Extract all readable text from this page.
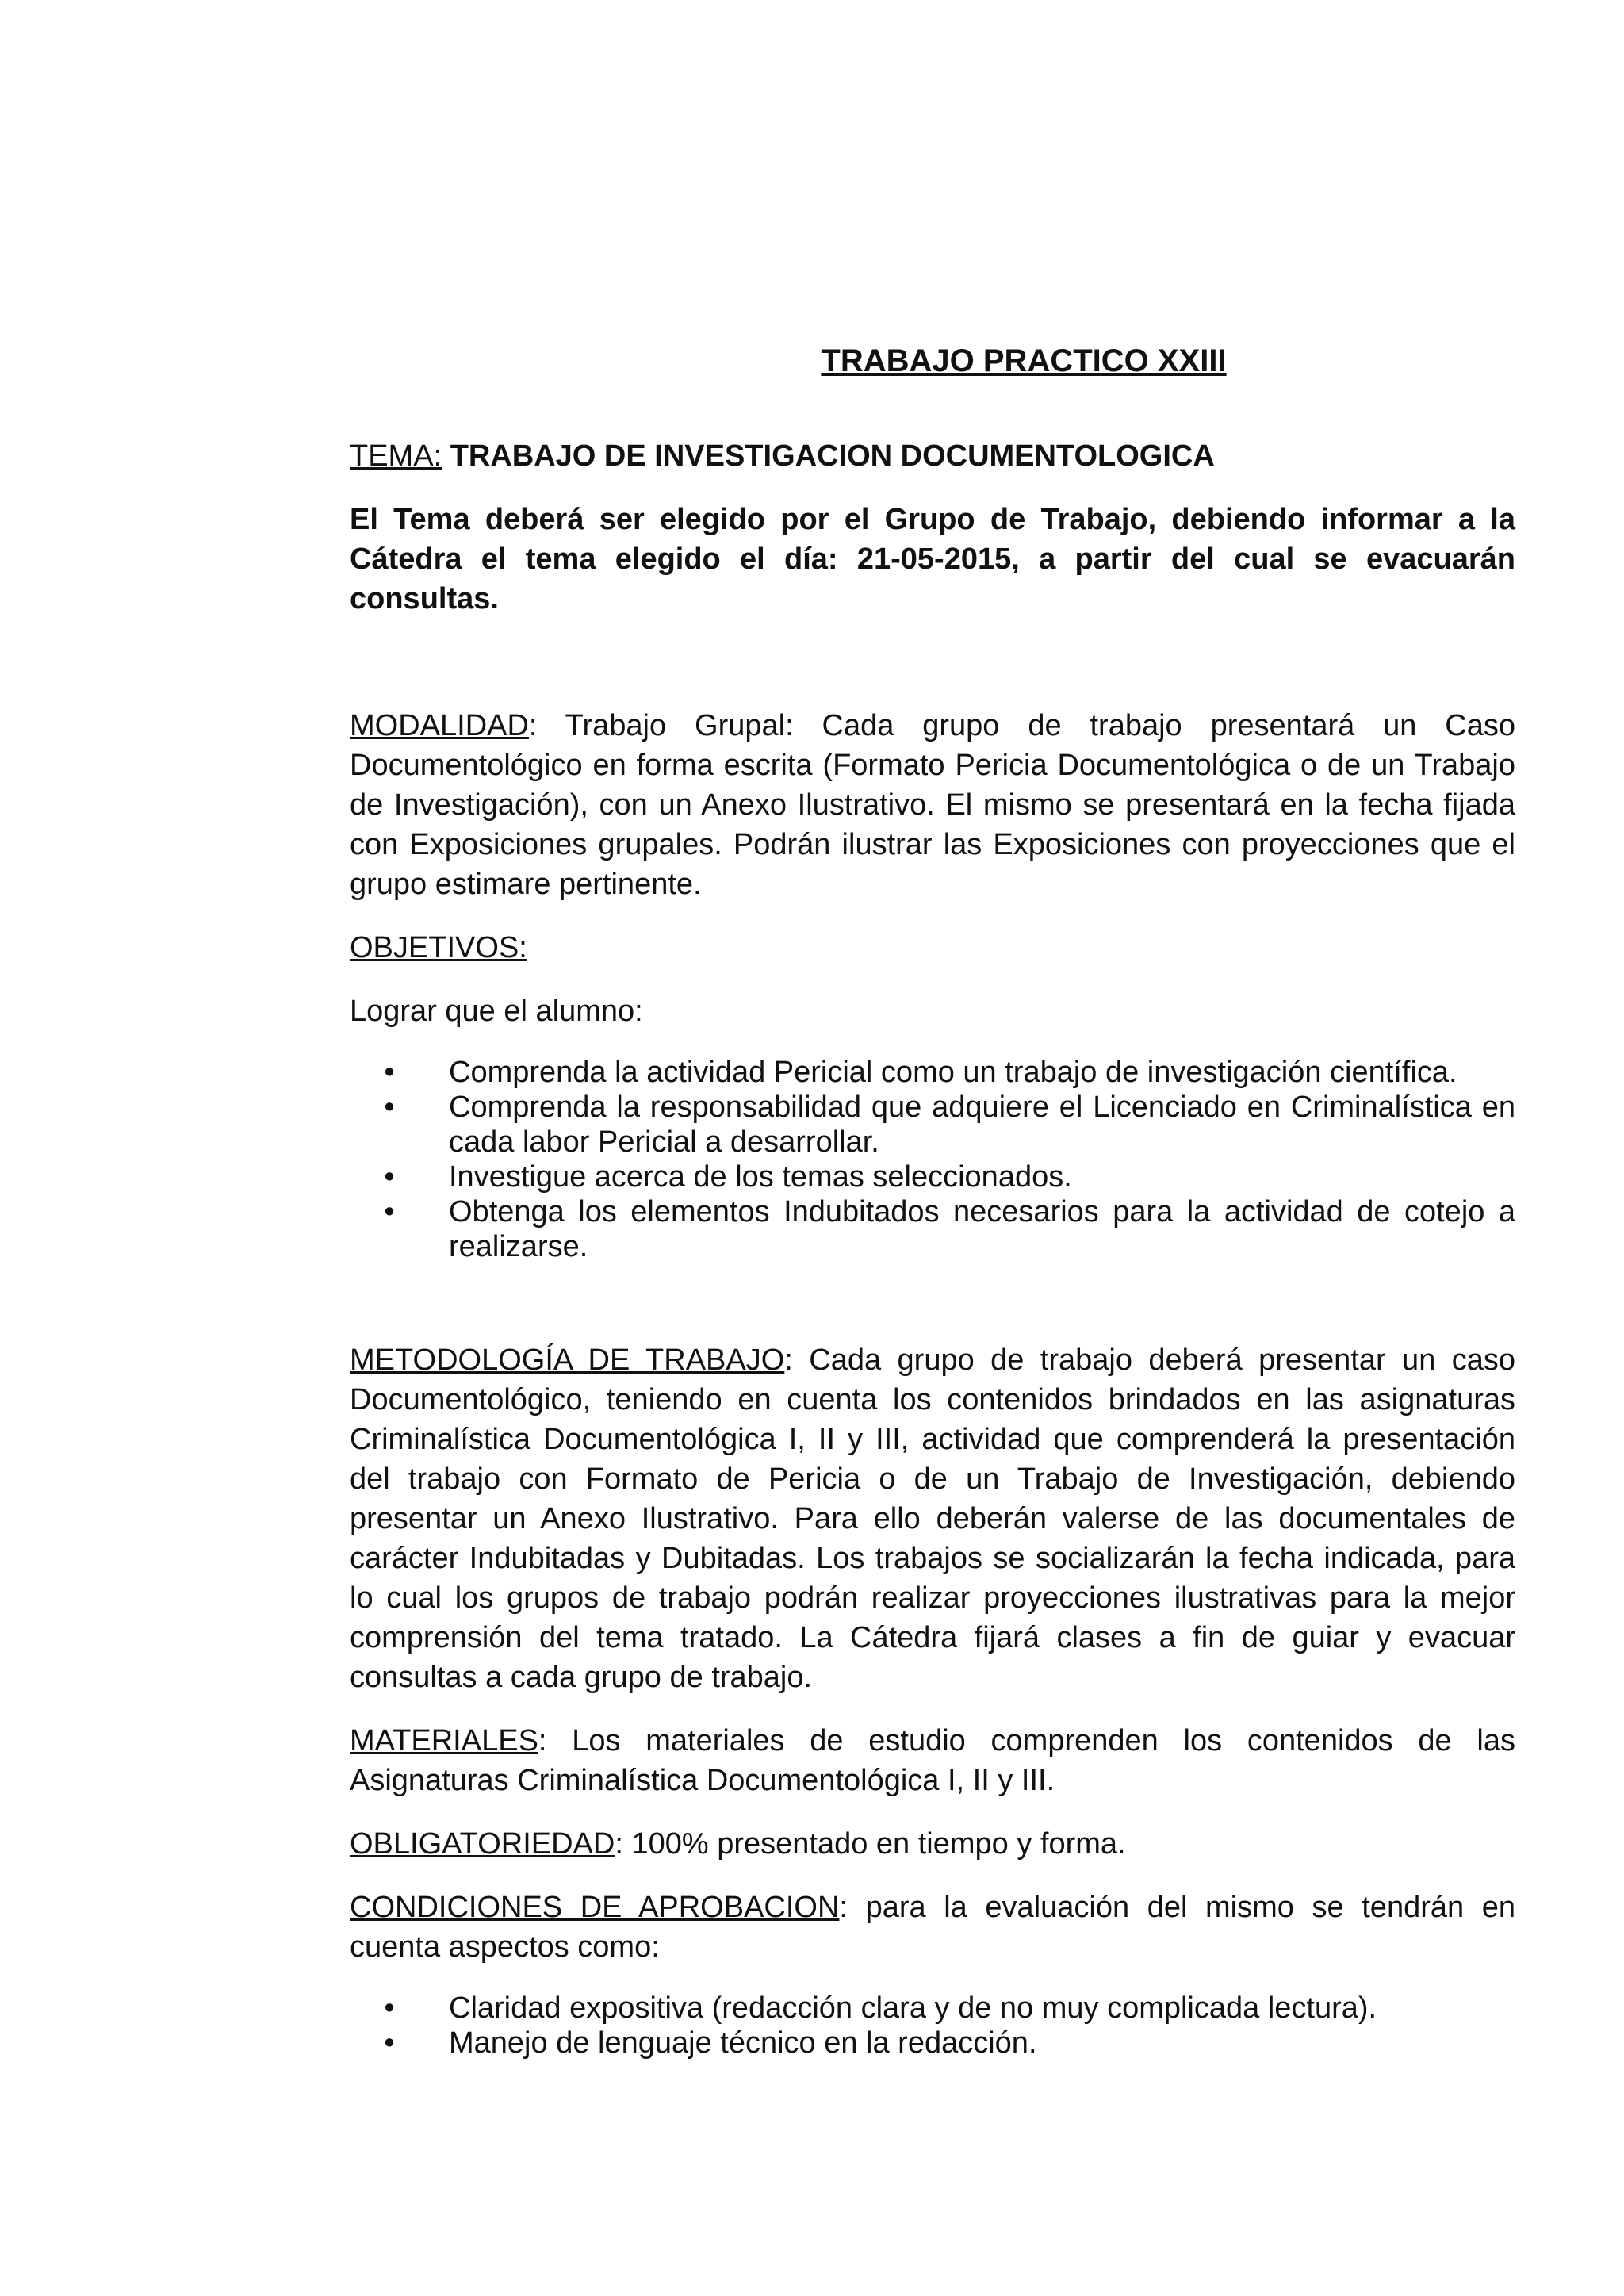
TRABAJO PRACTICO XXIII

TEMA: TRABAJO DE INVESTIGACION DOCUMENTOLOGICA

El Tema deberá ser elegido por el Grupo de Trabajo, debiendo informar a la Cátedra el tema elegido el día: 21-05-2015, a partir del cual se evacuarán consultas.

MODALIDAD: Trabajo Grupal: Cada grupo de trabajo presentará un Caso Documentológico en forma escrita (Formato Pericia Documentológica o de un Trabajo de Investigación), con un Anexo Ilustrativo. El mismo se presentará en la fecha fijada con Exposiciones grupales. Podrán ilustrar las Exposiciones con proyecciones que el grupo estimare pertinente.

OBJETIVOS:

Lograr que el alumno:

• Comprenda la actividad Pericial como un trabajo de investigación científica.
• Comprenda la responsabilidad que adquiere el Licenciado en Criminalística en cada labor Pericial a desarrollar.
• Investigue acerca de los temas seleccionados.
• Obtenga los elementos Indubitados necesarios para la actividad de cotejo a realizarse.

METODOLOGÍA DE TRABAJO: Cada grupo de trabajo deberá presentar un caso Documentológico, teniendo en cuenta los contenidos brindados en las asignaturas Criminalística Documentológica I, II y III, actividad que comprenderá la presentación del trabajo con Formato de Pericia o de un Trabajo de Investigación, debiendo presentar un Anexo Ilustrativo. Para ello deberán valerse de las documentales de carácter Indubitadas y Dubitadas. Los trabajos se socializarán la fecha indicada, para lo cual los grupos de trabajo podrán realizar proyecciones ilustrativas para la mejor comprensión del tema tratado. La Cátedra fijará clases a fin de guiar y evacuar consultas a cada grupo de trabajo.

MATERIALES: Los materiales de estudio comprenden los contenidos de las Asignaturas Criminalística Documentológica I, II y III.

OBLIGATORIEDAD: 100% presentado en tiempo y forma.

CONDICIONES DE APROBACION: para la evaluación del mismo se tendrán en cuenta aspectos como:

• Claridad expositiva (redacción clara y de no muy complicada lectura).
• Manejo de lenguaje técnico en la redacción.
